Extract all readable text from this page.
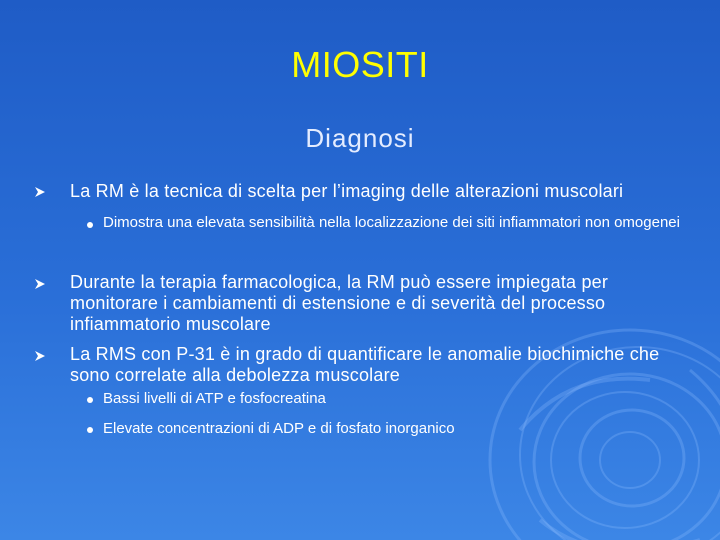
MIOSITI
Diagnosi
La RM è la tecnica di scelta per l’imaging delle alterazioni muscolari
Dimostra una elevata sensibilità nella localizzazione dei siti infiammatori non omogenei
Durante la terapia farmacologica, la RM può essere impiegata per monitorare i cambiamenti di estensione e di severità del processo infiammatorio muscolare
La RMS con P-31 è in grado di quantificare le anomalie biochimiche che sono correlate alla debolezza muscolare
Bassi livelli di ATP e fosfocreatina
Elevate concentrazioni di ADP e di fosfato inorganico
